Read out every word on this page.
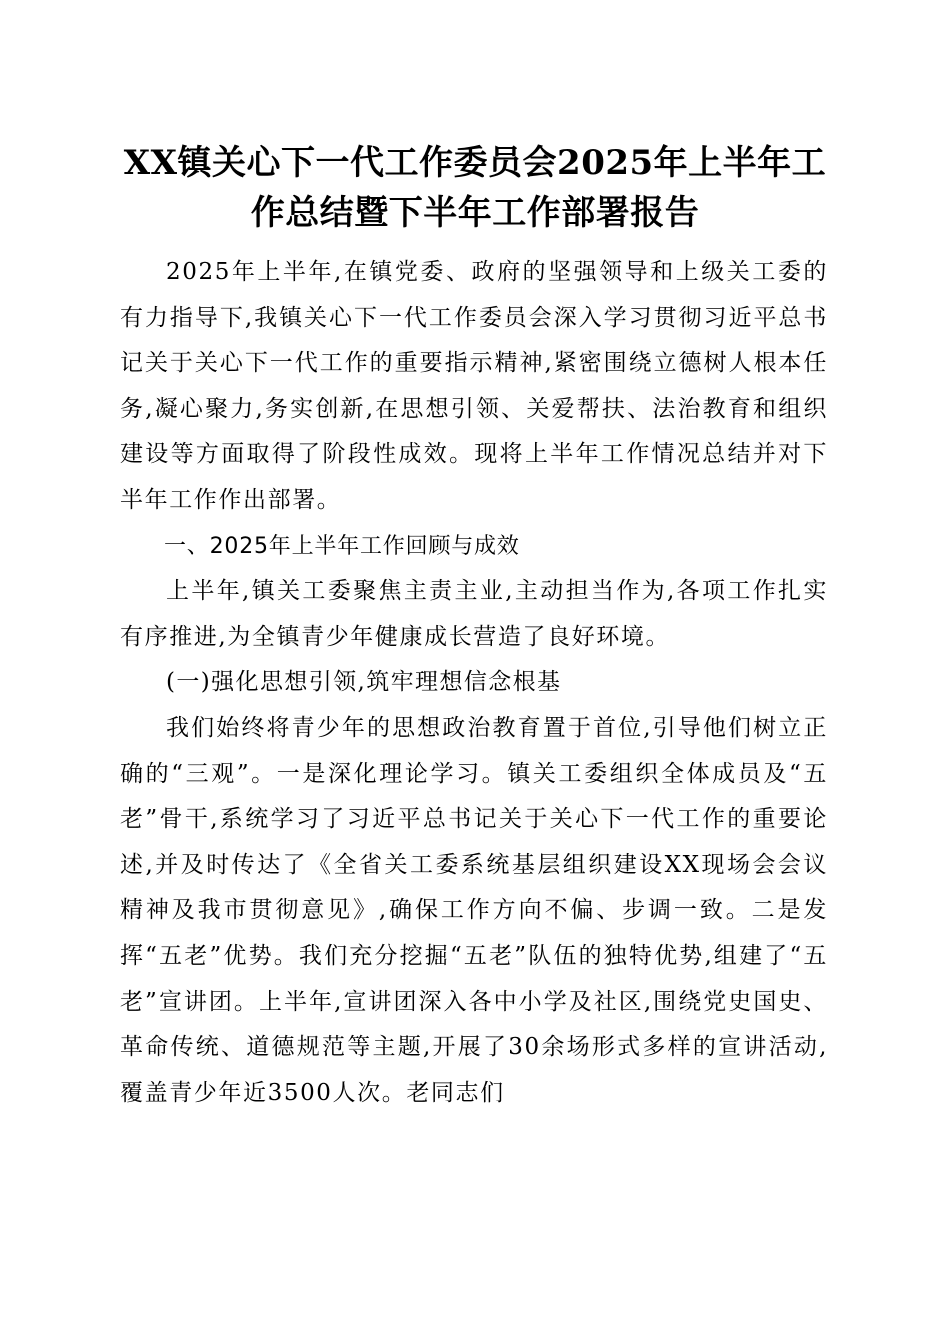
XX镇关心下一代工作委员会2025年上半年工
作总结暨下半年工作部署报告

2025年上半年,在镇党委、政府的坚强领导和上级关工委的有力指导下,我镇关心下一代工作委员会深入学习贯彻习近平总书记关于关心下一代工作的重要指示精神,紧密围绕立德树人根本任务,凝心聚力,务实创新,在思想引领、关爱帮扶、法治教育和组织建设等方面取得了阶段性成效。现将上半年工作情况总结并对下半年工作作出部署。

一、2025年上半年工作回顾与成效

上半年,镇关工委聚焦主责主业,主动担当作为,各项工作扎实有序推进,为全镇青少年健康成长营造了良好环境。

(一)强化思想引领,筑牢理想信念根基

我们始终将青少年的思想政治教育置于首位,引导他们树立正确的“三观”。一是深化理论学习。镇关工委组织全体成员及“五老”骨干,系统学习了习近平总书记关于关心下一代工作的重要论述,并及时传达了《全省关工委系统基层组织建设XX现场会会议精神及我市贯彻意见》,确保工作方向不偏、步调一致。二是发挥“五老”优势。我们充分挖掘“五老”队伍的独特优势,组建了“五老”宣讲团。上半年,宣讲团深入各中小学及社区,围绕党史国史、革命传统、道德规范等主题,开展了30余场形式多样的宣讲活动,覆盖青少年近3500人次。老同志们
